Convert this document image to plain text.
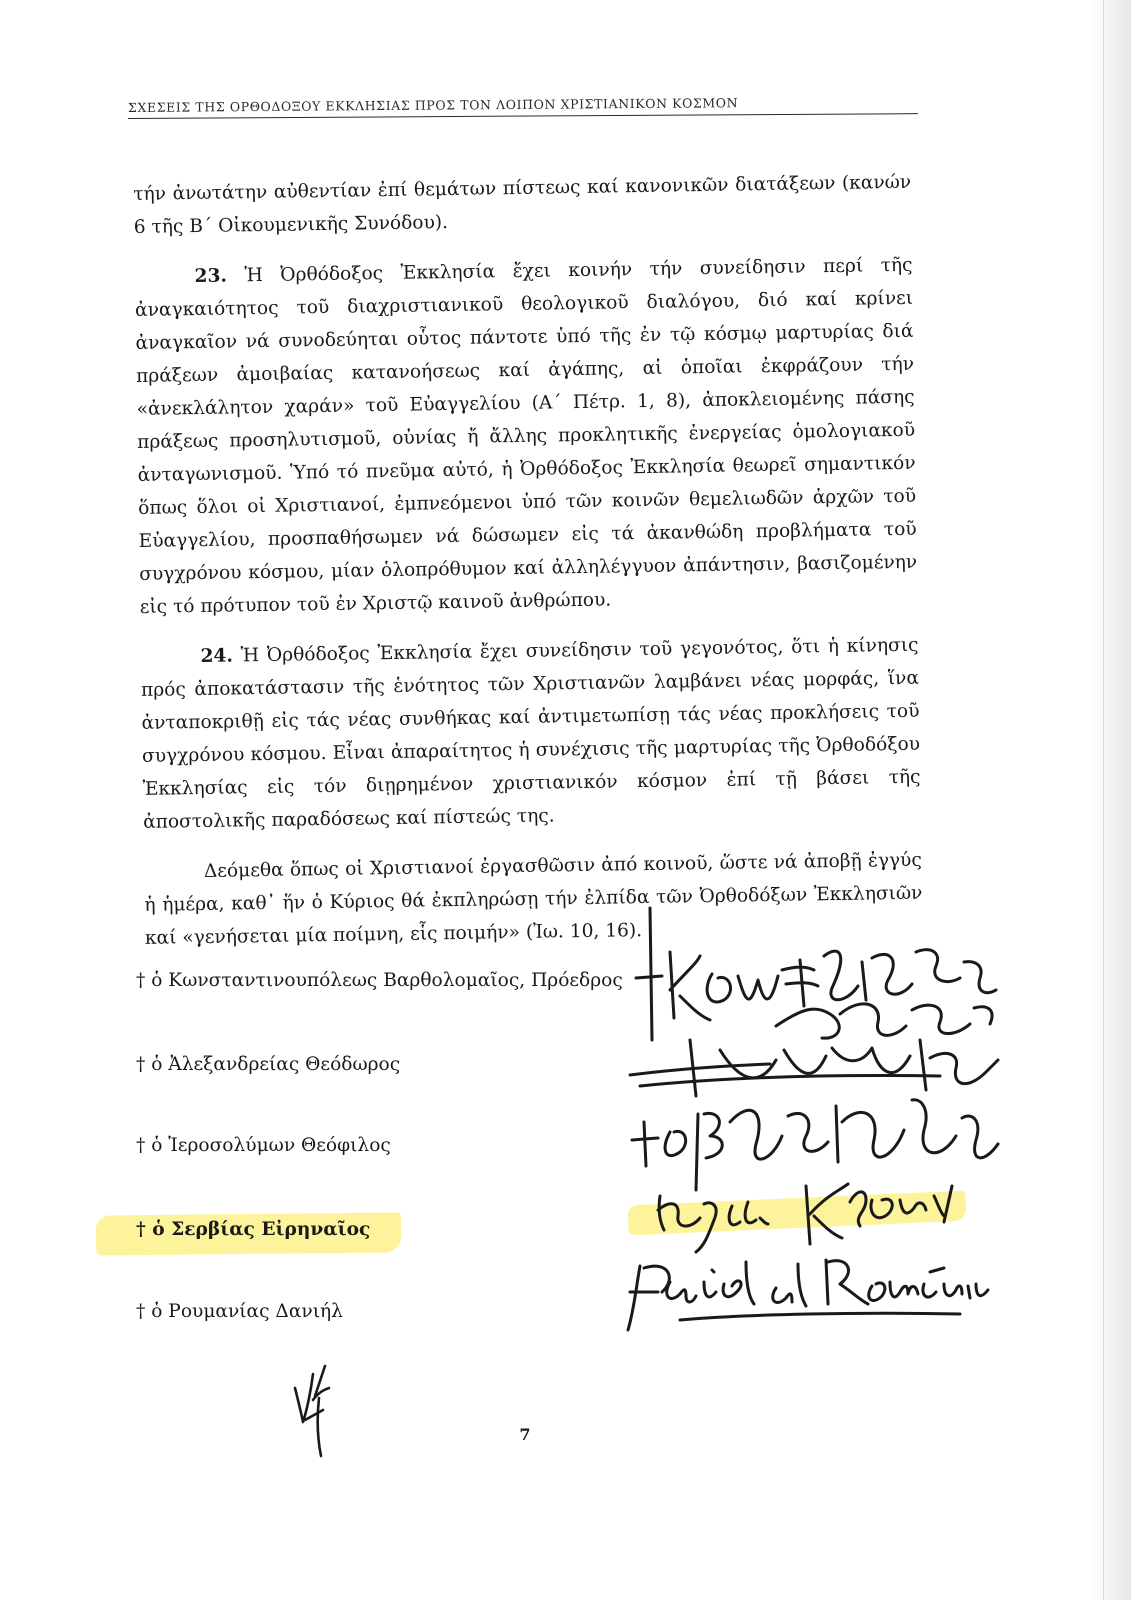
ΣΧΕΣΕΙΣ ΤΗΣ ΟΡΘΟΔΟΞΟΥ ΕΚΚΛΗΣΙΑΣ ΠΡΟΣ ΤΟΝ ΛΟΙΠΟΝ ΧΡΙΣΤΙΑΝΙΚΟΝ ΚΟΣΜΟΝ

τήν ἀνωτάτην αὐθεντίαν ἐπί θεμάτων πίστεως καί κανονικῶν διατάξεων (κανών 6 τῆς Β΄ Οἰκουμενικῆς Συνόδου).

23. Ἡ Ὀρθόδοξος Ἐκκλησία ἔχει κοινήν τήν συνείδησιν περί τῆς ἀναγκαιότητος τοῦ διαχριστιανικοῦ θεολογικοῦ διαλόγου, διό καί κρίνει ἀναγκαῖον νά συνοδεύηται οὗτος πάντοτε ὑπό τῆς ἐν τῷ κόσμῳ μαρτυρίας διά πράξεων ἀμοιβαίας κατανοήσεως καί ἀγάπης, αἱ ὁποῖαι ἐκφράζουν τήν «ἀνεκλάλητον χαράν» τοῦ Εὐαγγελίου (Α΄ Πέτρ. 1, 8), ἀποκλειομένης πάσης πράξεως προσηλυτισμοῦ, οὐνίας ἤ ἄλλης προκλητικῆς ἐνεργείας ὁμολογιακοῦ ἀνταγωνισμοῦ. Ὑπό τό πνεῦμα αὐτό, ἡ Ὀρθόδοξος Ἐκκλησία θεωρεῖ σημαντικόν ὅπως ὅλοι οἱ Χριστιανοί, ἐμπνεόμενοι ὑπό τῶν κοινῶν θεμελιωδῶν ἀρχῶν τοῦ Εὐαγγελίου, προσπαθήσωμεν νά δώσωμεν εἰς τά ἀκανθώδη προβλήματα τοῦ συγχρόνου κόσμου, μίαν ὁλοπρόθυμον καί ἀλληλέγγυον ἀπάντησιν, βασιζομένην εἰς τό πρότυπον τοῦ ἐν Χριστῷ καινοῦ ἀνθρώπου.

24. Ἡ Ὀρθόδοξος Ἐκκλησία ἔχει συνείδησιν τοῦ γεγονότος, ὅτι ἡ κίνησις πρός ἀποκατάστασιν τῆς ἑνότητος τῶν Χριστιανῶν λαμβάνει νέας μορφάς, ἵνα ἀνταποκριθῇ εἰς τάς νέας συνθήκας καί ἀντιμετωπίσῃ τάς νέας προκλήσεις τοῦ συγχρόνου κόσμου. Εἶναι ἀπαραίτητος ἡ συνέχισις τῆς μαρτυρίας τῆς Ὀρθοδόξου Ἐκκλησίας εἰς τόν διῃρημένον χριστιανικόν κόσμον ἐπί τῇ βάσει τῆς ἀποστολικῆς παραδόσεως καί πίστεώς της.

Δεόμεθα ὅπως οἱ Χριστιανοί ἐργασθῶσιν ἀπό κοινοῦ, ὥστε νά ἀποβῇ ἐγγύς ἡ ἡμέρα, καθ᾿ ἥν ὁ Κύριος θά ἐκπληρώσῃ τήν ἐλπίδα τῶν Ὀρθοδόξων Ἐκκλησιῶν καί «γενήσεται μία ποίμνη, εἷς ποιμήν» (Ἰω. 10, 16).

† ὁ Κωνσταντινουπόλεως Βαρθολομαῖος, Πρόεδρος
† ὁ Ἀλεξανδρείας Θεόδωρος
† ὁ Ἱεροσολύμων Θεόφιλος
† ὁ Σερβίας Εἰρηναῖος
† ὁ Ρουμανίας Δανιήλ
7
